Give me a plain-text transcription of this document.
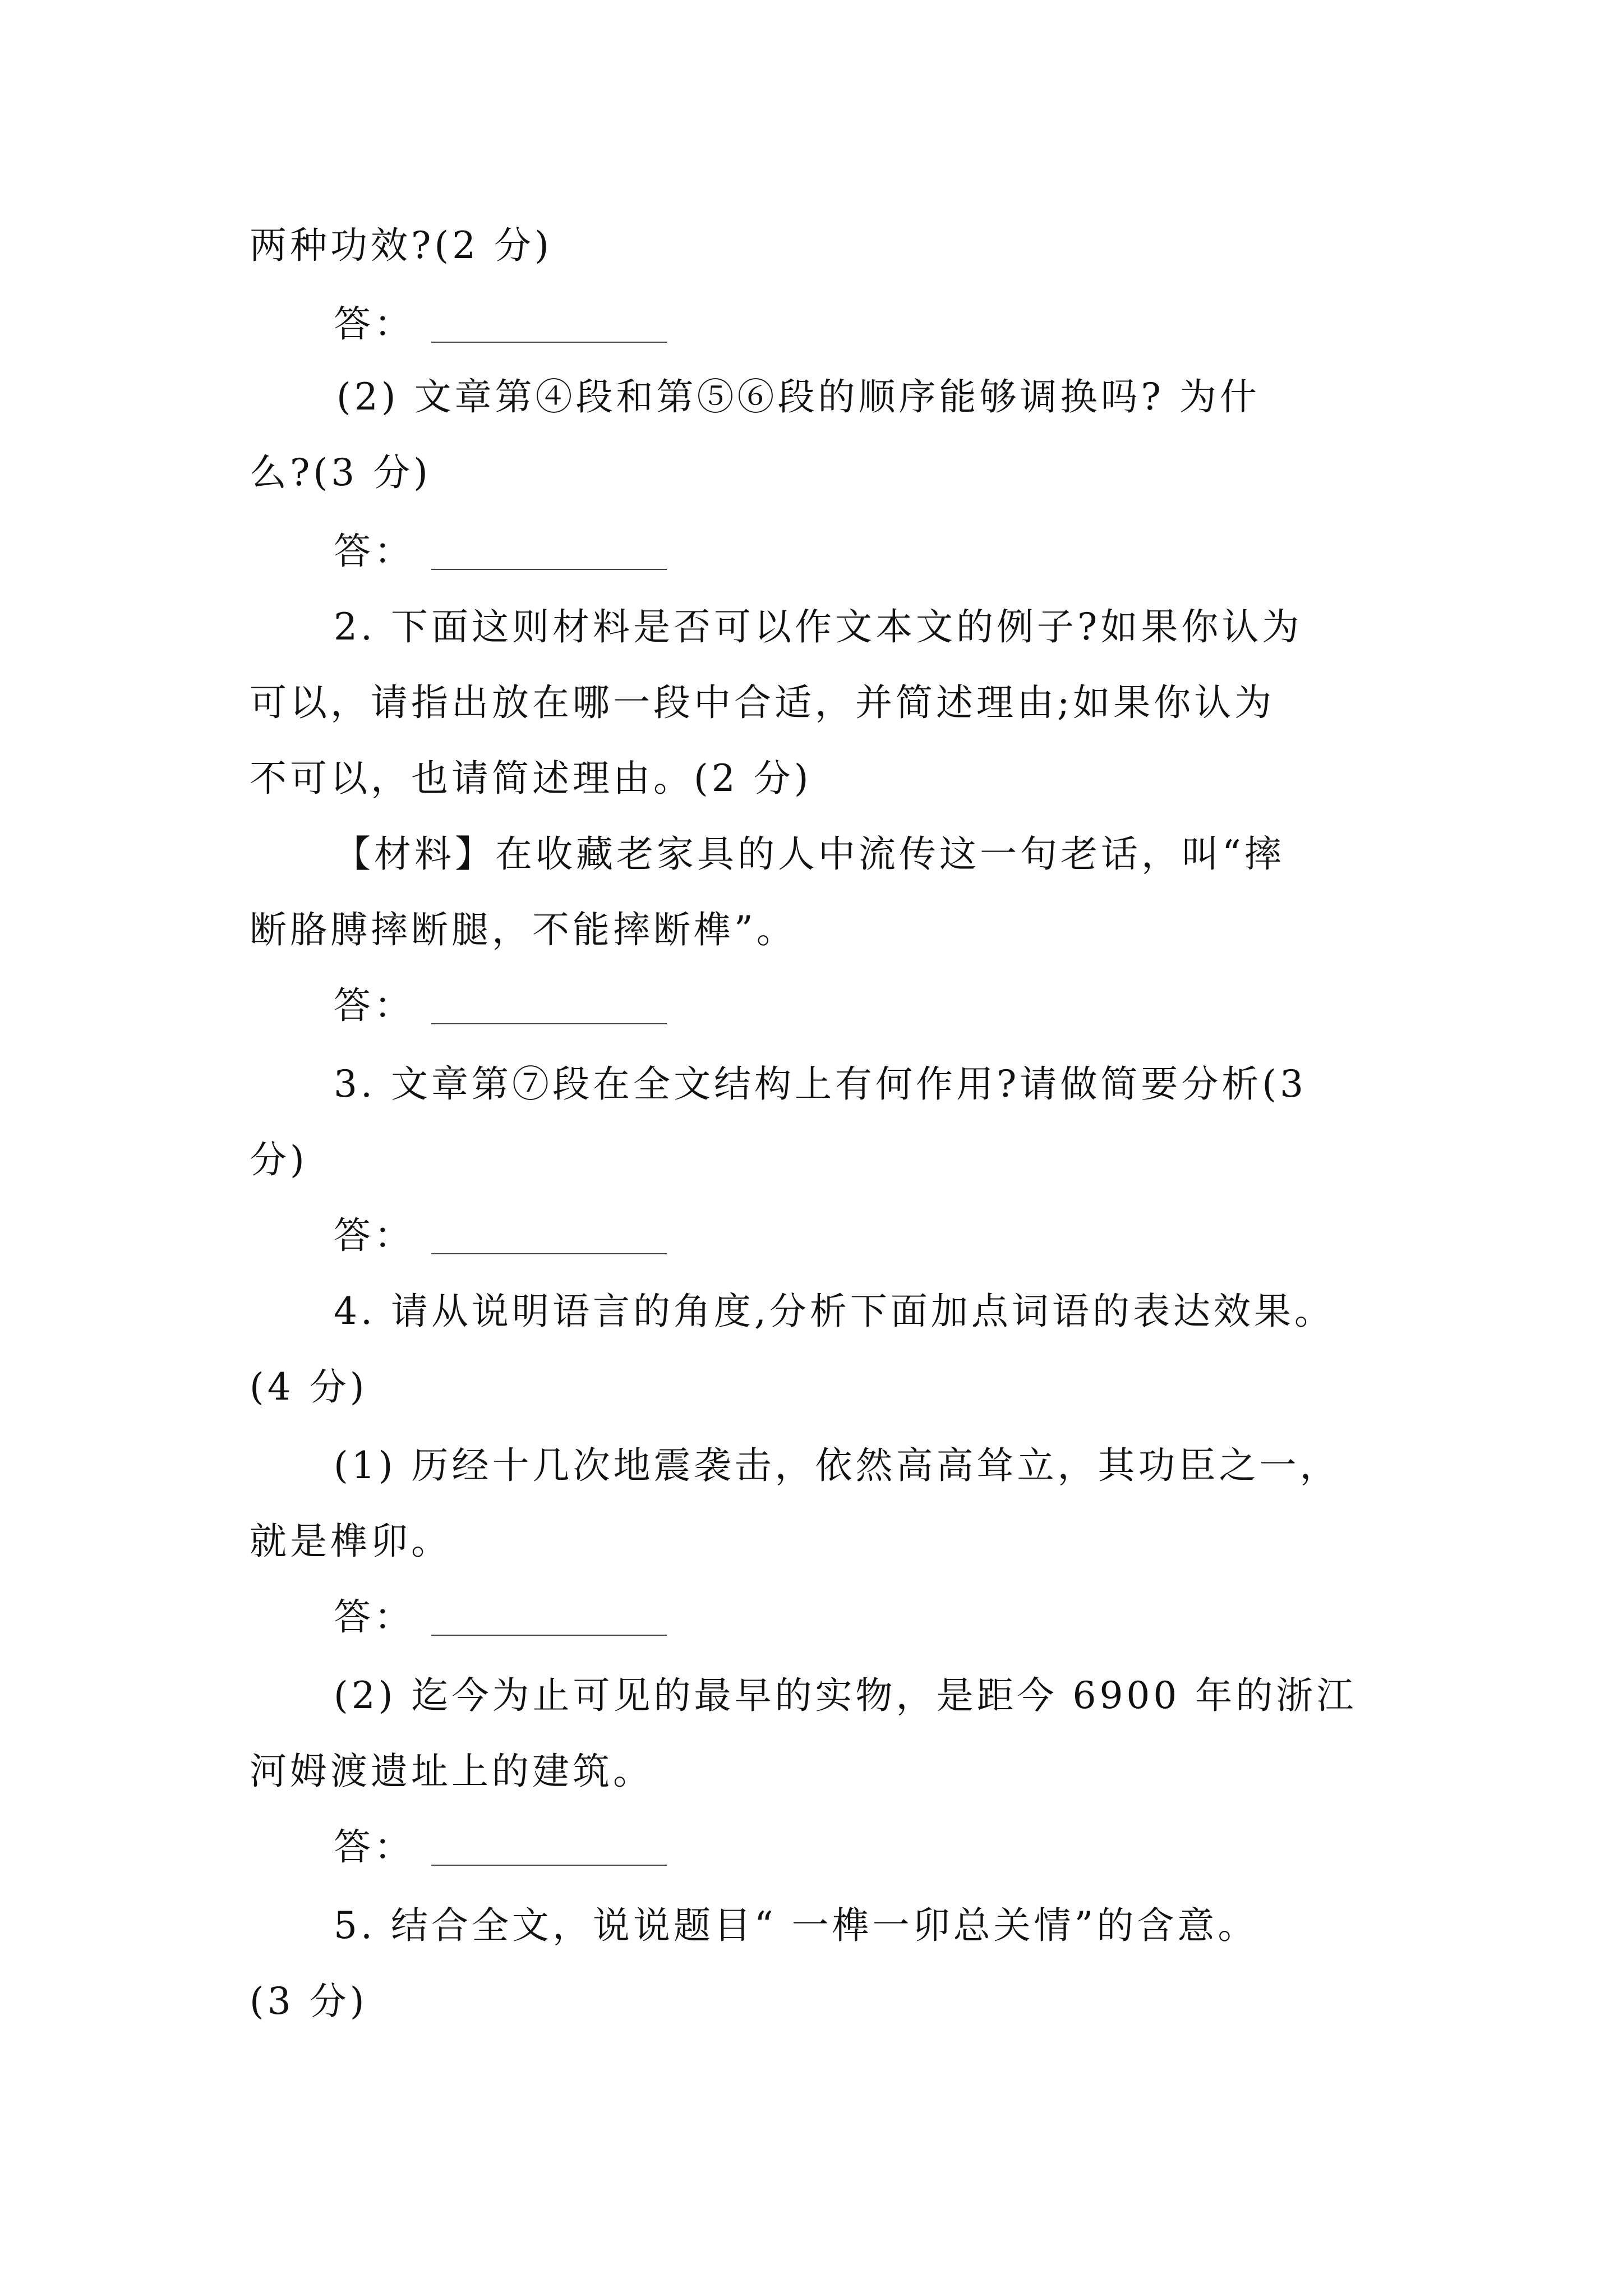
两种功效?(2 分)
答：
(2) 文章第④段和第⑤⑥段的顺序能够调换吗? 为什
么?(3 分)
答：
2. 下面这则材料是否可以作文本文的例子?如果你认为
可以，请指出放在哪一段中合适，并简述理由;如果你认为
不可以，也请简述理由。(2 分)
【材料】在收藏老家具的人中流传这一句老话，叫“摔
断胳膊摔断腿，不能摔断榫”。
答：
3. 文章第⑦段在全文结构上有何作用?请做简要分析(3
分)
答：
4. 请从说明语言的角度,分析下面加点词语的表达效果。
(4 分)
(1) 历经十几次地震袭击，依然高高耸立，其功臣之一，
就是榫卯。
答：
(2) 迄今为止可见的最早的实物，是距今 6900 年的浙江
河姆渡遗址上的建筑。
答：
5. 结合全文，说说题目“ 一榫一卯总关情”的含意。
(3 分)
